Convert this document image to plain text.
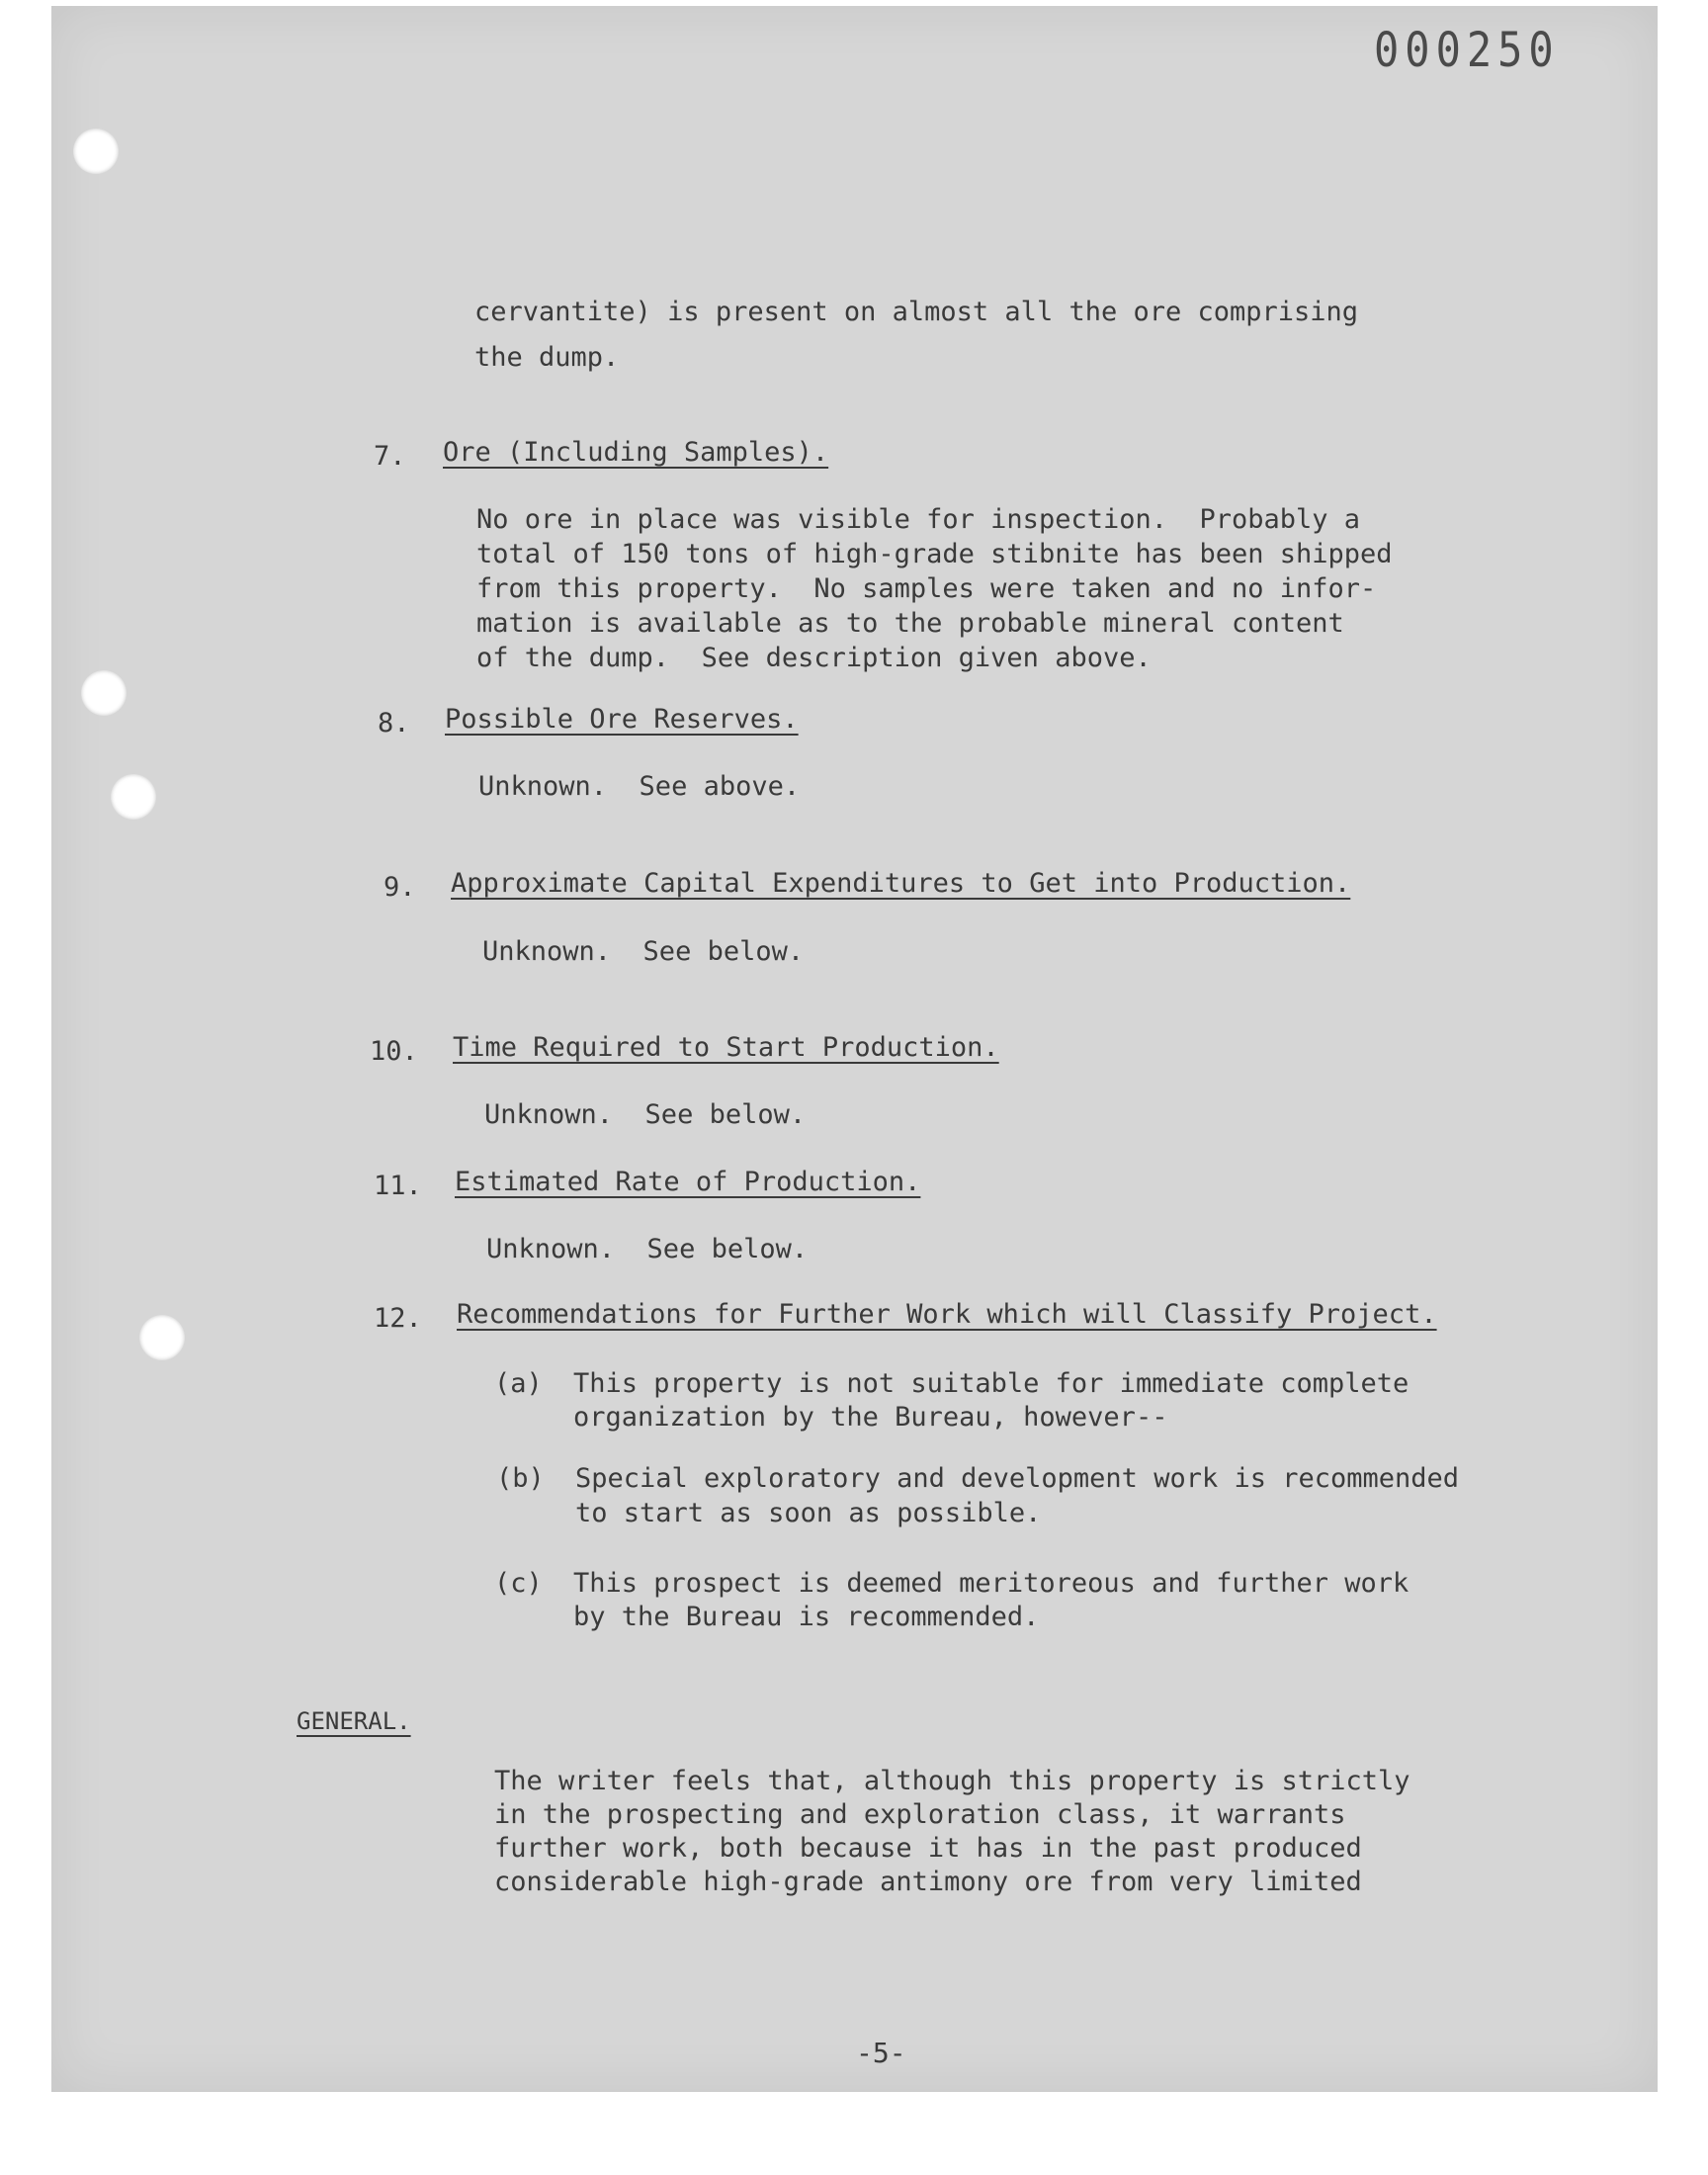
000250
cervantite) is present on almost all the ore comprising
the dump.
7. Ore (Including Samples).
No ore in place was visible for inspection.  Probably a
total of 150 tons of high-grade stibnite has been shipped
from this property.  No samples were taken and no infor-
mation is available as to the probable mineral content
of the dump.  See description given above.
8. Possible Ore Reserves.
Unknown.  See above.
9. Approximate Capital Expenditures to Get into Production.
Unknown.  See below.
10. Time Required to Start Production.
Unknown.  See below.
11. Estimated Rate of Production.
Unknown.  See below.
12. Recommendations for Further Work which will Classify Project.
(a) This property is not suitable for immediate complete
organization by the Bureau, however--
(b) Special exploratory and development work is recommended
to start as soon as possible.
(c) This prospect is deemed meritoreous and further work
by the Bureau is recommended.
GENERAL.
The writer feels that, although this property is strictly
in the prospecting and exploration class, it warrants
further work, both because it has in the past produced
considerable high-grade antimony ore from very limited
-5-
